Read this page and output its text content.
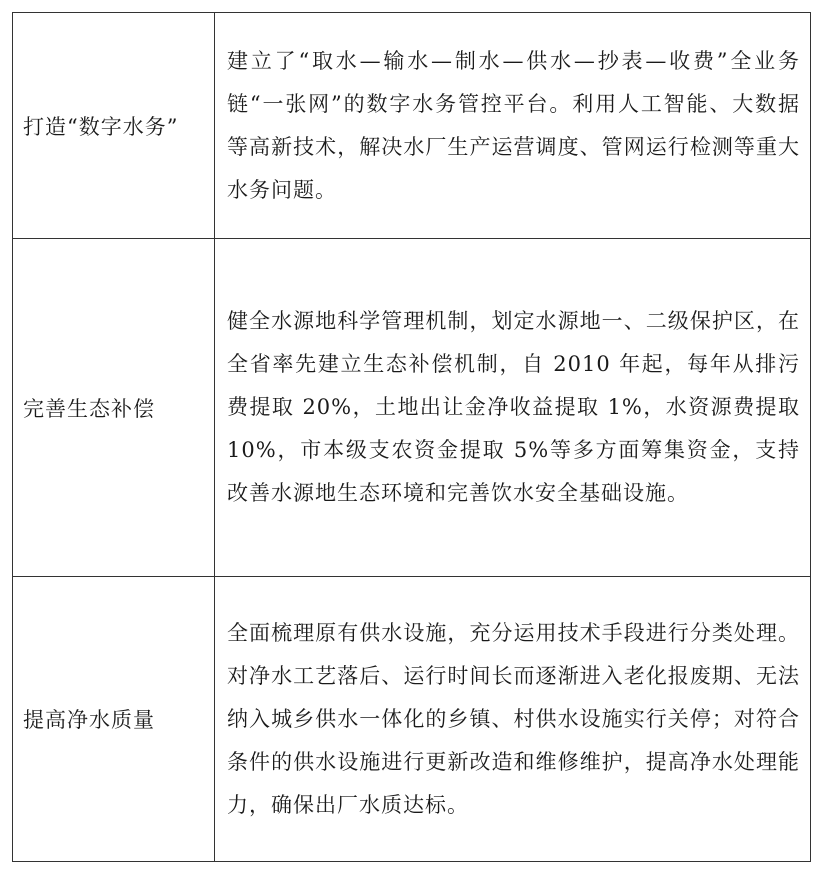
打造“数字水务”	建立了“取水—输水—制水—供水—抄表—收费”全业务链“一张网”的数字水务管控平台。利用人工智能、大数据等高新技术，解决水厂生产运营调度、管网运行检测等重大水务问题。
完善生态补偿	健全水源地科学管理机制，划定水源地一、二级保护区，在全省率先建立生态补偿机制，自 2010 年起，每年从排污费提取 20%，土地出让金净收益提取 1%，水资源费提取 10%，市本级支农资金提取 5%等多方面筹集资金，支持改善水源地生态环境和完善饮水安全基础设施。
提高净水质量	全面梳理原有供水设施，充分运用技术手段进行分类处理。对净水工艺落后、运行时间长而逐渐进入老化报废期、无法纳入城乡供水一体化的乡镇、村供水设施实行关停；对符合条件的供水设施进行更新改造和维修维护，提高净水处理能力，确保出厂水质达标。
